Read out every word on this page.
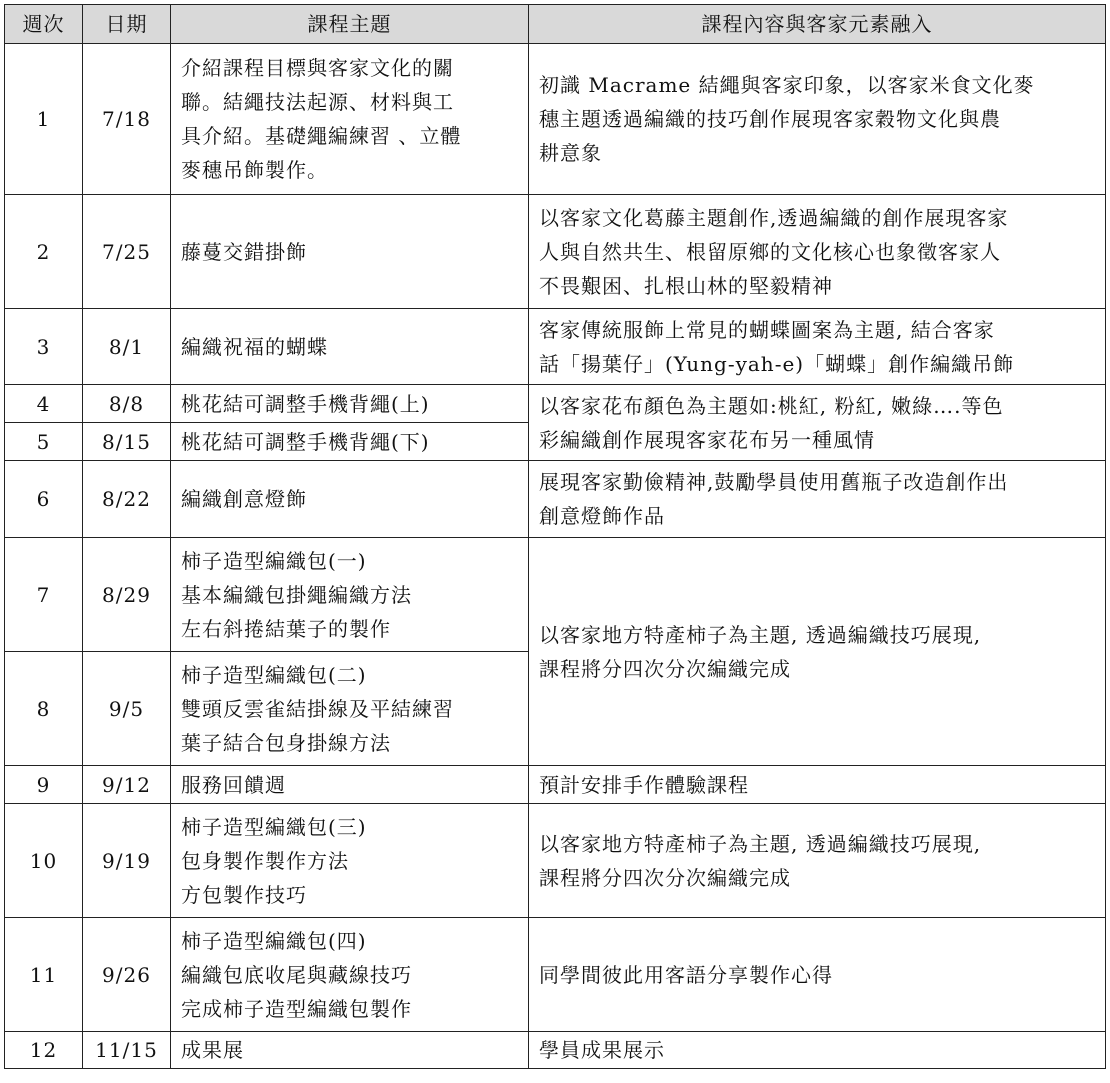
週次	日期	課程主題	課程內容與客家元素融入
1	7/18	介紹課程目標與客家文化的關
聯。結繩技法起源、材料與工
具介紹。基礎繩編練習 、立體
麥穗吊飾製作。	初識 Macrame 結繩與客家印象，以客家米食文化麥
穗主題透過編織的技巧創作展現客家穀物文化與農
耕意象

2	7/25	藤蔓交錯掛飾	以客家文化葛藤主題創作,透過編織的創作展現客家
人與自然共生、根留原鄉的文化核心也象徵客家人
不畏艱困、扎根山林的堅毅精神

3	8/1	編織祝福的蝴蝶	客家傳統服飾上常見的蝴蝶圖案為主題, 結合客家
話「揚葉仔」(Yung-yah-e)「蝴蝶」創作編織吊飾

4	8/8	桃花結可調整手機背繩(上)	以客家花布顏色為主題如:桃紅, 粉紅, 嫩綠….等色
彩編織創作展現客家花布另一種風情

5	8/15	桃花結可調整手機背繩(下)	

6	8/22	編織創意燈飾	展現客家勤儉精神,鼓勵學員使用舊瓶子改造創作出
創意燈飾作品

7	8/29	柿子造型編織包(一)
基本編織包掛繩編織方法
左右斜捲結葉子的製作	以客家地方特產柿子為主題, 透過編織技巧展現,
課程將分四次分次編織完成

8	9/5	柿子造型編織包(二)
雙頭反雲雀結掛線及平結練習
葉子結合包身掛線方法	

9	9/12	服務回饋週	預計安排手作體驗課程

10	9/19	柿子造型編織包(三)
包身製作製作方法
方包製作技巧	以客家地方特產柿子為主題, 透過編織技巧展現,
課程將分四次分次編織完成

11	9/26	柿子造型編織包(四)
編織包底收尾與藏線技巧
完成柿子造型編織包製作	同學間彼此用客語分享製作心得

12	11/15	成果展	學員成果展示
